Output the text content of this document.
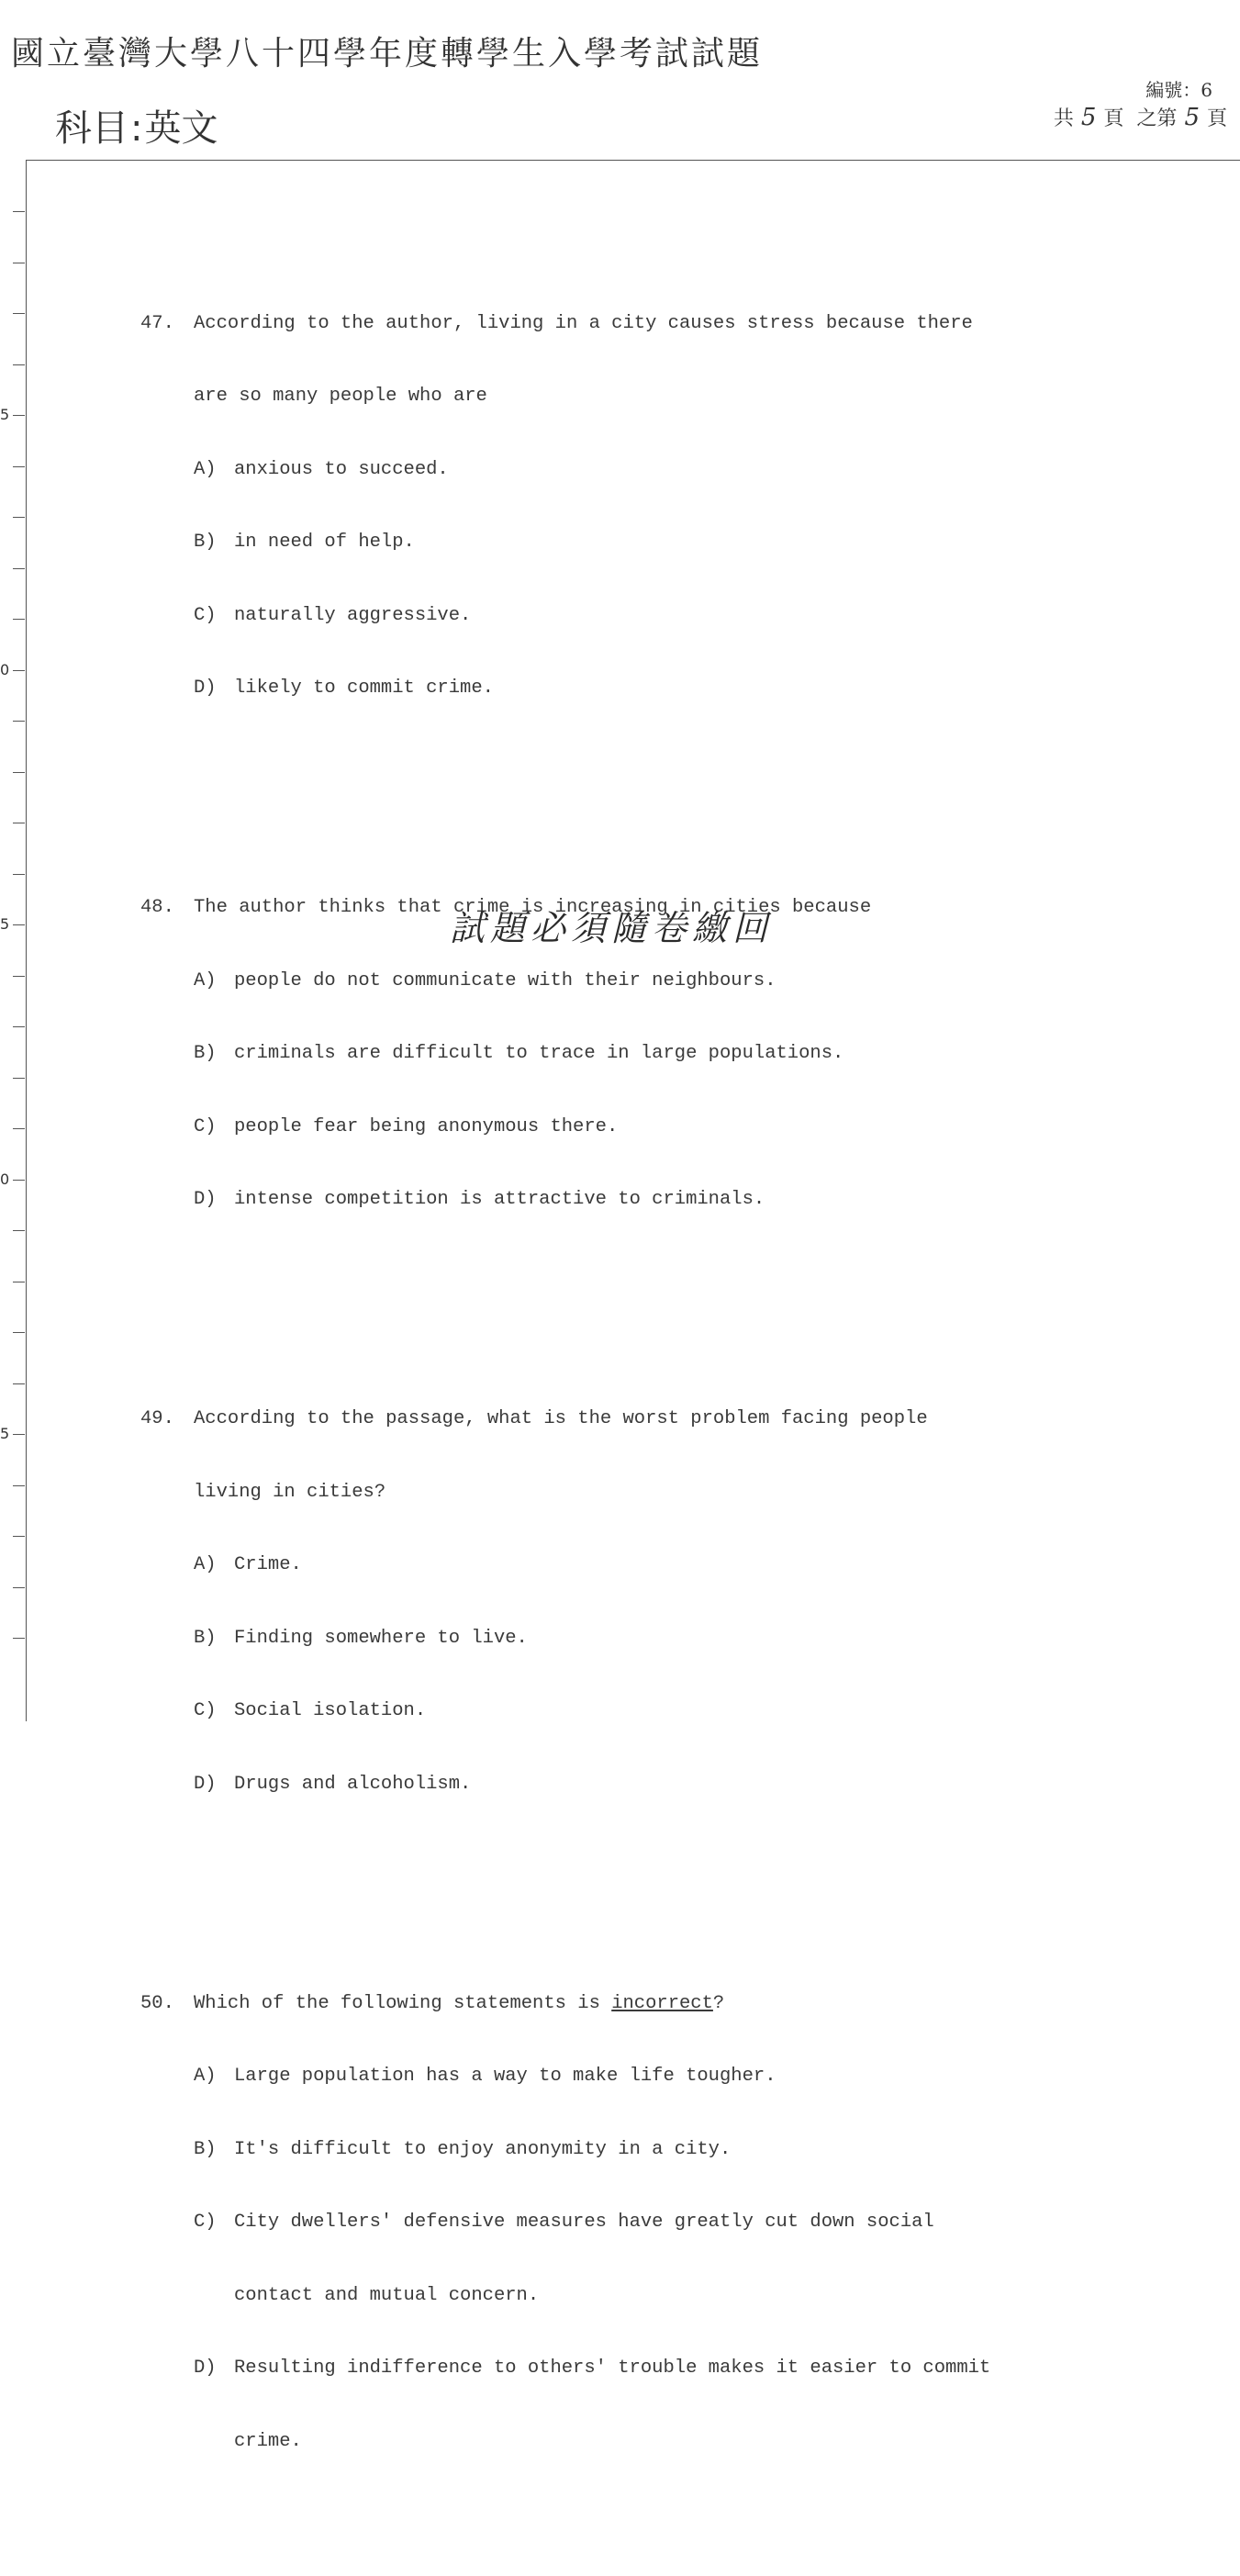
國立臺灣大學八十四學年度轉學生入學考試試題
編號：6
科目:英文	共 5 頁 之第 5 頁
5
0
5
0
5

47. According to the author, living in a city causes stress because there

are so many people who are

A) anxious to succeed.

B) in need of help.

C) naturally aggressive.

D) likely to commit crime.

48. The author thinks that crime is increasing in cities because

A) people do not communicate with their neighbours.

B) criminals are difficult to trace in large populations.

C) people fear being anonymous there.

D) intense competition is attractive to criminals.

49. According to the passage, what is the worst problem facing people

living in cities?

A) Crime.

B) Finding somewhere to live.

C) Social isolation.

D) Drugs and alcoholism.

50. Which of the following statements is incorrect?

A) Large population has a way to make life tougher.

B) It's difficult to enjoy anonymity in a city.

C) City dwellers' defensive measures have greatly cut down social

contact and mutual concern.

D) Resulting indifference to others' trouble makes it easier to commit

crime.

試題必須隨卷繳回
